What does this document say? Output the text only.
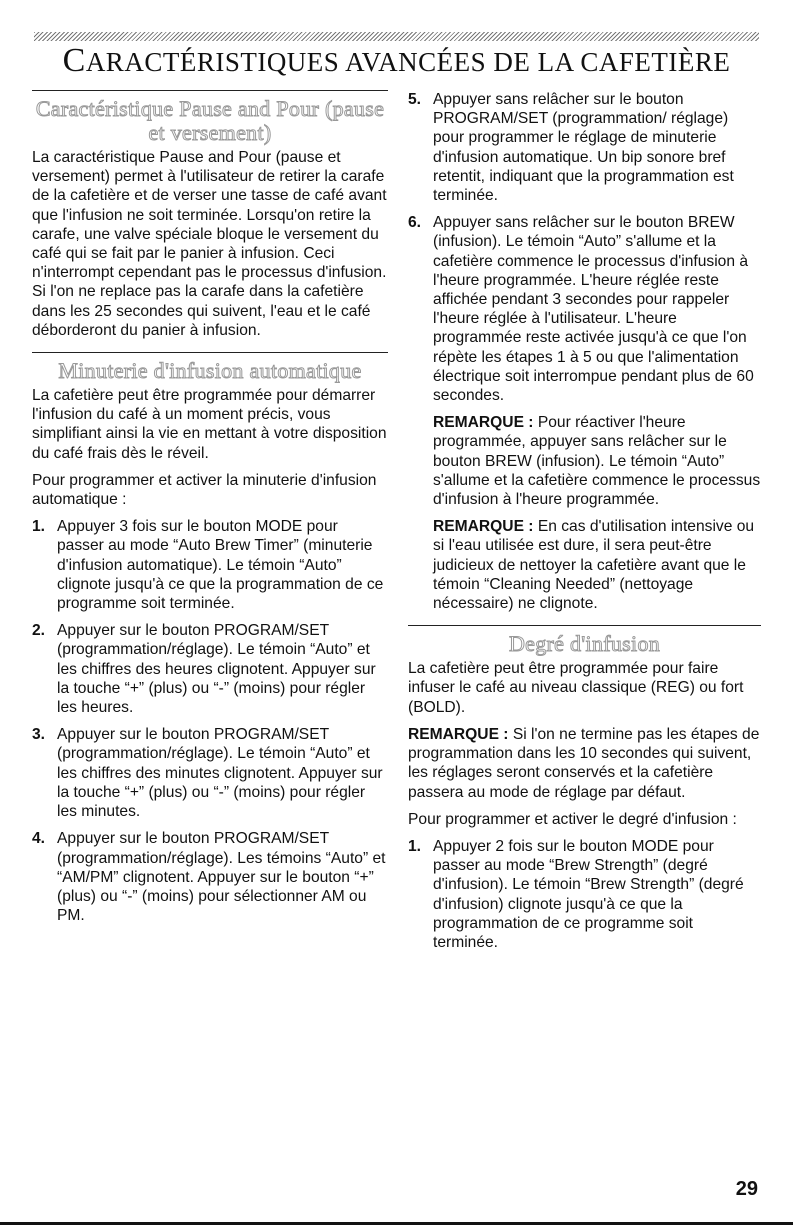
CARACTÉRISTIQUES AVANCÉES DE LA CAFETIÈRE
Caractéristique Pause and Pour (pause et versement)

La caractéristique Pause and Pour (pause et versement) permet à l'utilisateur de retirer la carafe de la cafetière et de verser une tasse de café avant que l'infusion ne soit terminée. Lorsqu'on retire la carafe, une valve spéciale bloque le versement du café qui se fait par le panier à infusion. Ceci n'interrompt cependant pas le processus d'infusion. Si l'on ne replace pas la carafe dans la cafetière dans les 25 secondes qui suivent, l'eau et le café déborderont du panier à infusion.

Minuterie d'infusion automatique

La cafetière peut être programmée pour démarrer l'infusion du café à un moment précis, vous simplifiant ainsi la vie en mettant à votre disposition du café frais dès le réveil.

Pour programmer et activer la minuterie d'infusion automatique :

1. Appuyer 3 fois sur le bouton MODE pour passer au mode “Auto Brew Timer” (minuterie d'infusion automatique). Le témoin “Auto” clignote jusqu'à ce que la programmation de ce programme soit terminée.
2. Appuyer sur le bouton PROGRAM/SET (programmation/réglage). Le témoin “Auto” et les chiffres des heures clignotent. Appuyer sur la touche “+” (plus) ou “-” (moins) pour régler les heures.
3. Appuyer sur le bouton PROGRAM/SET (programmation/réglage). Le témoin “Auto” et les chiffres des minutes clignotent. Appuyer sur la touche “+” (plus) ou “-” (moins) pour régler les minutes.
4. Appuyer sur le bouton PROGRAM/SET (programmation/réglage). Les témoins “Auto” et “AM/PM” clignotent. Appuyer sur le bouton “+” (plus) ou “-” (moins) pour sélectionner AM ou PM.
5. Appuyer sans relâcher sur le bouton PROGRAM/SET (programmation/ réglage) pour programmer le réglage de minuterie d'infusion automatique. Un bip sonore bref retentit, indiquant que la programmation est terminée.
6. Appuyer sans relâcher sur le bouton BREW (infusion). Le témoin “Auto” s'allume et la cafetière commence le processus d'infusion à l'heure programmée. L'heure réglée reste affichée pendant 3 secondes pour rappeler l'heure réglée à l'utilisateur. L'heure programmée reste activée jusqu'à ce que l'on répète les étapes 1 à 5 ou que l'alimentation électrique soit interrompue pendant plus de 60 secondes.

REMARQUE : Pour réactiver l'heure programmée, appuyer sans relâcher sur le bouton BREW (infusion). Le témoin “Auto” s'allume et la cafetière commence le processus d'infusion à l'heure programmée.

REMARQUE : En cas d'utilisation intensive ou si l'eau utilisée est dure, il sera peut-être judicieux de nettoyer la cafetière avant que le témoin “Cleaning Needed” (nettoyage nécessaire) ne clignote.

Degré d'infusion

La cafetière peut être programmée pour faire infuser le café au niveau classique (REG) ou fort (BOLD).

REMARQUE : Si l'on ne termine pas les étapes de programmation dans les 10 secondes qui suivent, les réglages seront conservés et la cafetière passera au mode de réglage par défaut.

Pour programmer et activer le degré d'infusion :

1. Appuyer 2 fois sur le bouton MODE pour passer au mode “Brew Strength” (degré d'infusion). Le témoin “Brew Strength” (degré d'infusion) clignote jusqu'à ce que la programmation de ce programme soit terminée.
29
